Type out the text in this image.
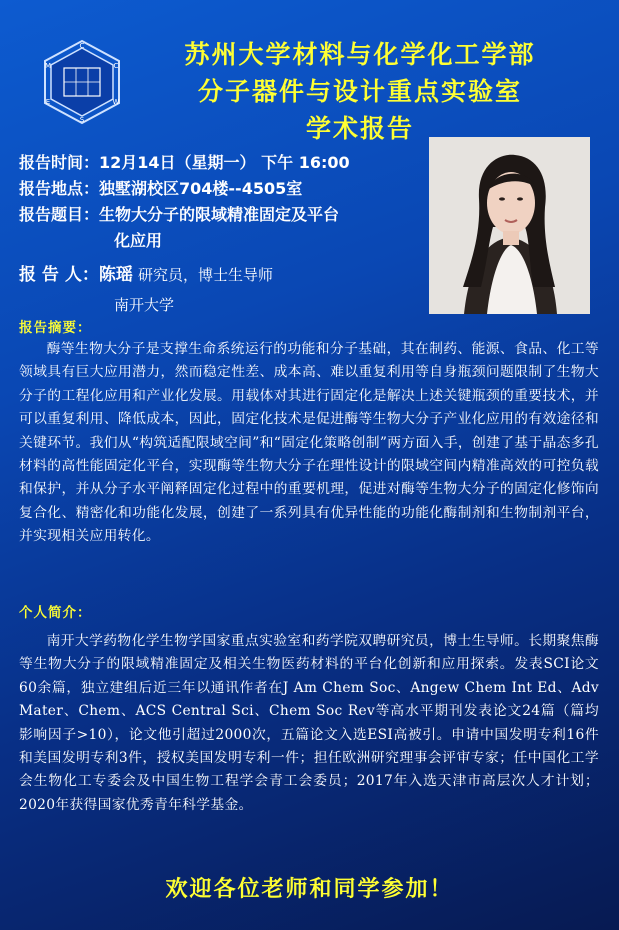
C
S
M	C
E	W
苏州大学材料与化学化工学部
分子器件与设计重点实验室
学术报告
报告时间：12月14日（星期一） 下午 16:00
报告地点：独墅湖校区704楼--4505室
报告题目：生物大分子的限域精准固定及平台
化应用
报 告 人：陈瑶 研究员，博士生导师
南开大学
报告摘要：
酶等生物大分子是支撑生命系统运行的功能和分子基础，其在制药、能源、食品、化工等领域具有巨大应用潜力，然而稳定性差、成本高、难以重复利用等自身瓶颈问题限制了生物大分子的工程化应用和产业化发展。用载体对其进行固定化是解决上述关键瓶颈的重要技术，并可以重复利用、降低成本，因此，固定化技术是促进酶等生物大分子产业化应用的有效途径和关键环节。我们从“构筑适配限域空间”和“固定化策略创制”两方面入手，创建了基于晶态多孔材料的高性能固定化平台，实现酶等生物大分子在理性设计的限域空间内精准高效的可控负载和保护，并从分子水平阐释固定化过程中的重要机理，促进对酶等生物大分子的固定化修饰向复合化、精密化和功能化发展，创建了一系列具有优异性能的功能化酶制剂和生物制剂平台，并实现相关应用转化。
个人简介：
南开大学药物化学生物学国家重点实验室和药学院双聘研究员，博士生导师。长期聚焦酶等生物大分子的限域精准固定及相关生物医药材料的平台化创新和应用探索。发表SCI论文60余篇，独立建组后近三年以通讯作者在J Am Chem Soc、Angew Chem Int Ed、Adv Mater、Chem、ACS Central Sci、Chem Soc Rev等高水平期刊发表论文24篇（篇均影响因子>10），论文他引超过2000次，五篇论文入选ESI高被引。申请中国发明专利16件和美国发明专利3件，授权美国发明专利一件；担任欧洲研究理事会评审专家；任中国化工学会生物化工专委会及中国生物工程学会青工会委员；2017年入选天津市高层次人才计划；2020年获得国家优秀青年科学基金。
欢迎各位老师和同学参加！
